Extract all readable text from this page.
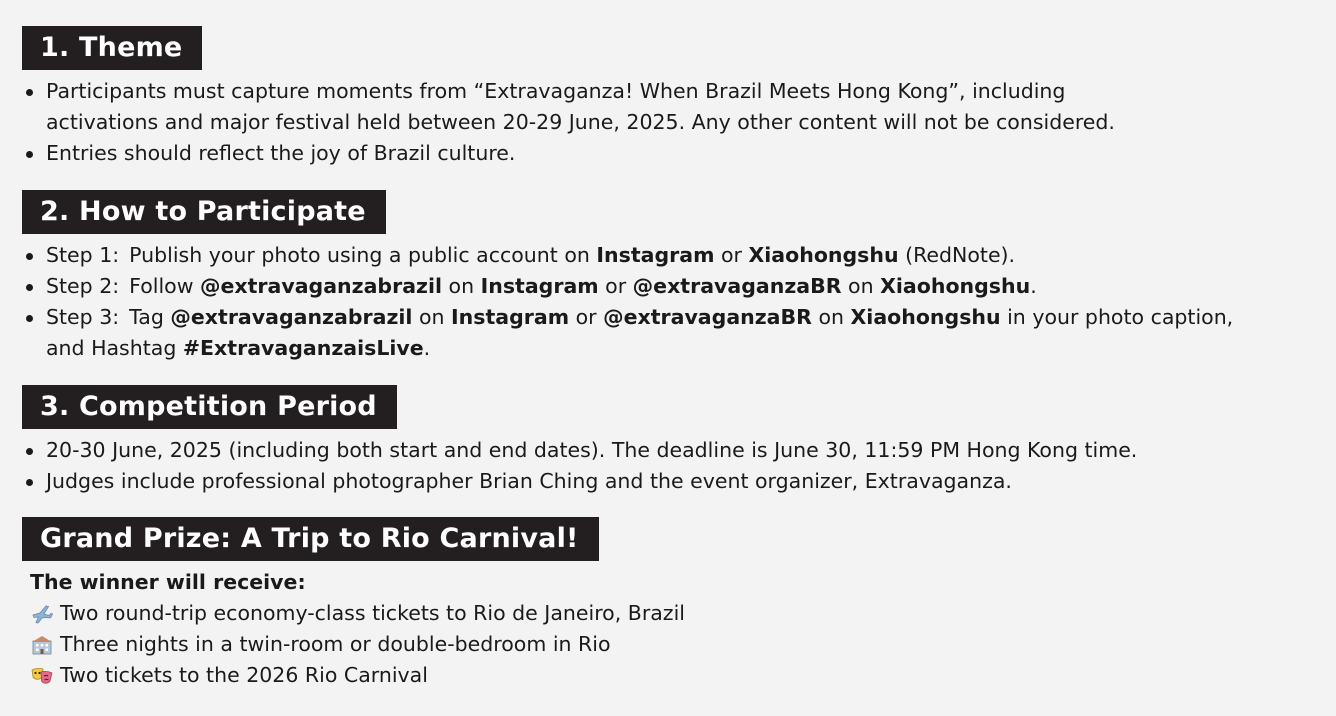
1. Theme
Participants must capture moments from “Extravaganza! When Brazil Meets Hong Kong”, including
activations and major festival held between 20-29 June, 2025. Any other content will not be considered.
Entries should reflect the joy of Brazil culture.
2. How to Participate
Step 1: Publish your photo using a public account on Instagram or Xiaohongshu (RedNote).
Step 2: Follow @extravaganzabrazil on Instagram or @extravaganzaBR on Xiaohongshu.
Step 3: Tag @extravaganzabrazil on Instagram or @extravaganzaBR on Xiaohongshu in your photo caption,
and Hashtag #ExtravaganzaisLive.
3. Competition Period
20-30 June, 2025 (including both start and end dates). The deadline is June 30, 11:59 PM Hong Kong time.
Judges include professional photographer Brian Ching and the event organizer, Extravaganza.
Grand Prize: A Trip to Rio Carnival!
The winner will receive:
Two round-trip economy-class tickets to Rio de Janeiro, Brazil
Three nights in a twin-room or double-bedroom in Rio
Two tickets to the 2026 Rio Carnival
